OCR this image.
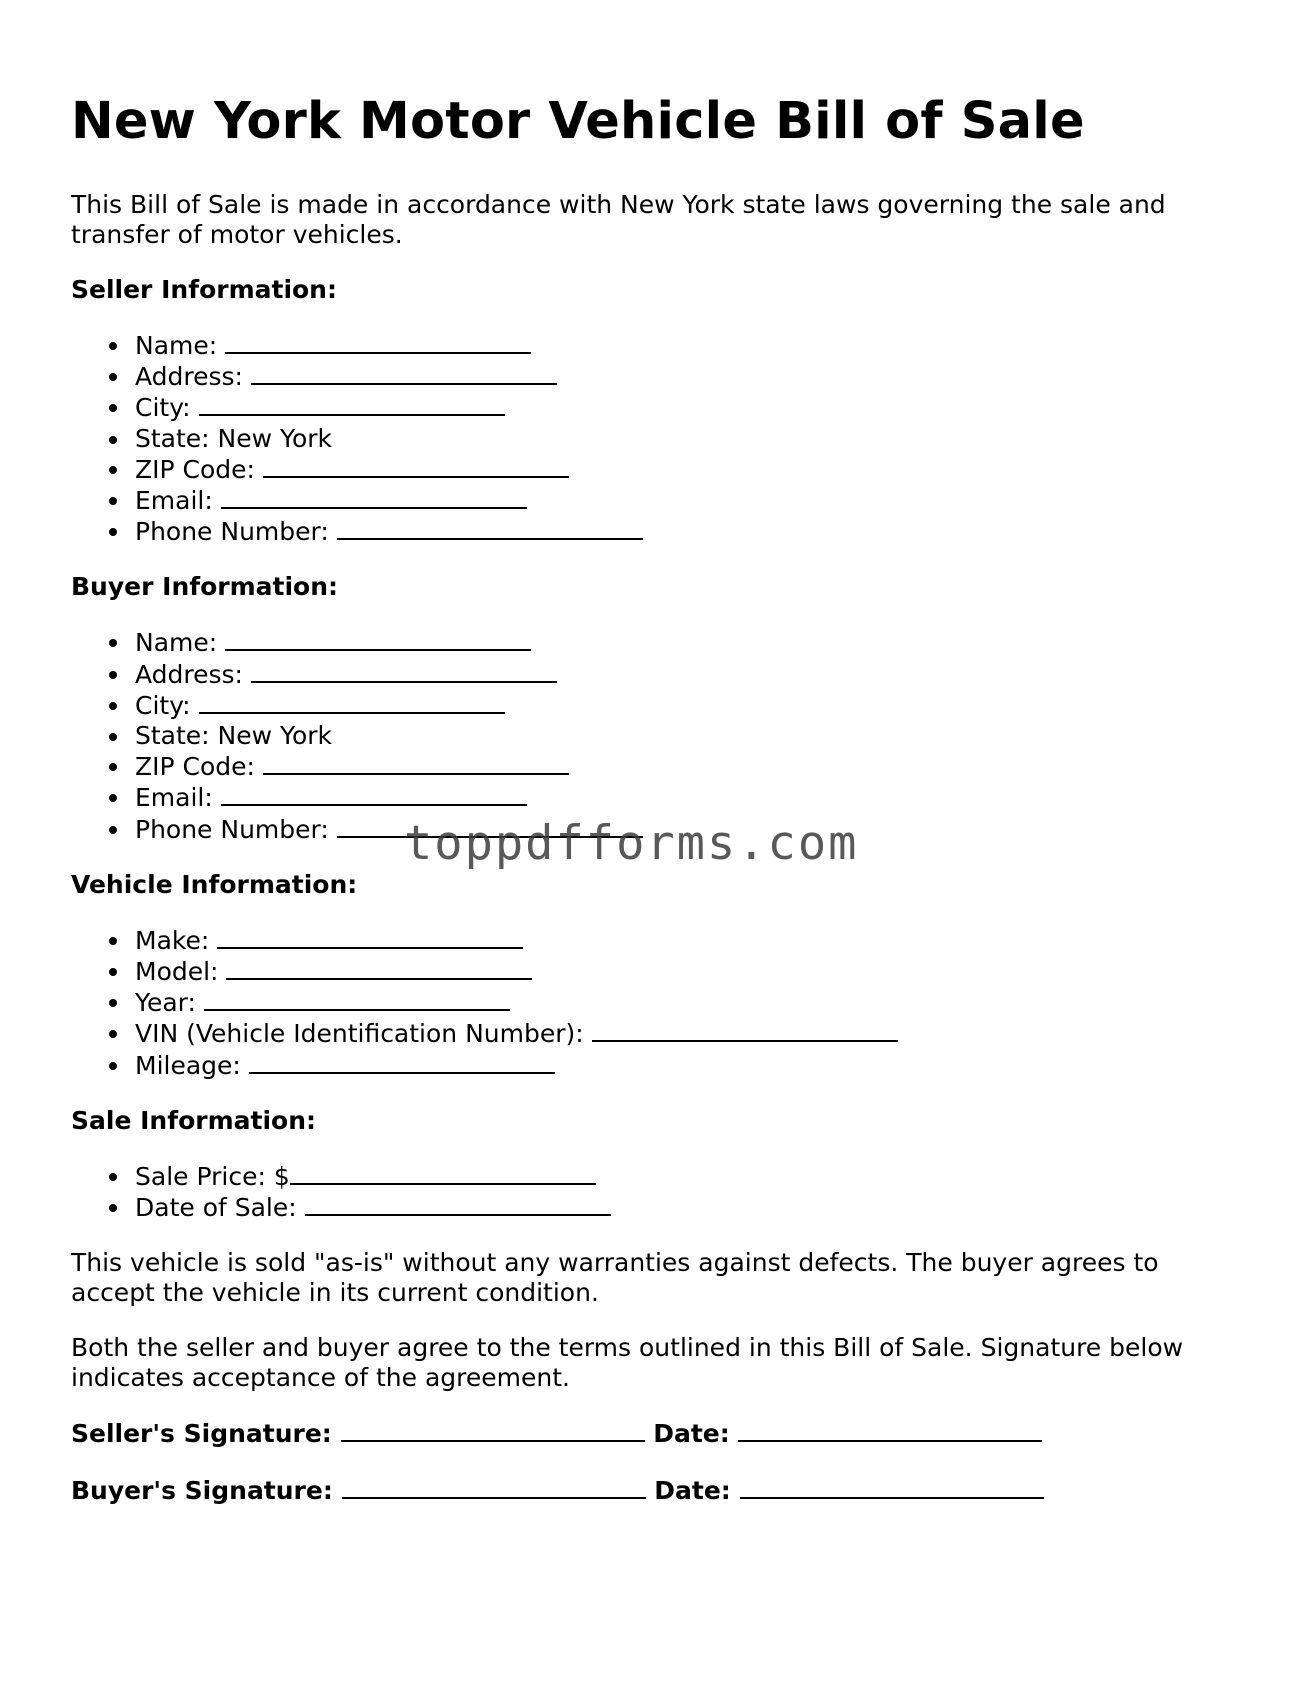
New York Motor Vehicle Bill of Sale

This Bill of Sale is made in accordance with New York state laws governing the sale and transfer of motor vehicles.

Seller Information:
Name:
Address:
City:
State: New York
ZIP Code:
Email:
Phone Number:
Buyer Information:
Name:
Address:
City:
State: New York
ZIP Code:
Email:
Phone Number:
Vehicle Information:
Make:
Model:
Year:
VIN (Vehicle Identification Number):
Mileage:
Sale Information:
Sale Price: $
Date of Sale:

This vehicle is sold "as-is" without any warranties against defects. The buyer agrees to accept the vehicle in its current condition.

Both the seller and buyer agree to the terms outlined in this Bill of Sale. Signature below indicates acceptance of the agreement.

Seller's Signature:	Date:

Buyer's Signature:	Date:

toppdfforms.com
